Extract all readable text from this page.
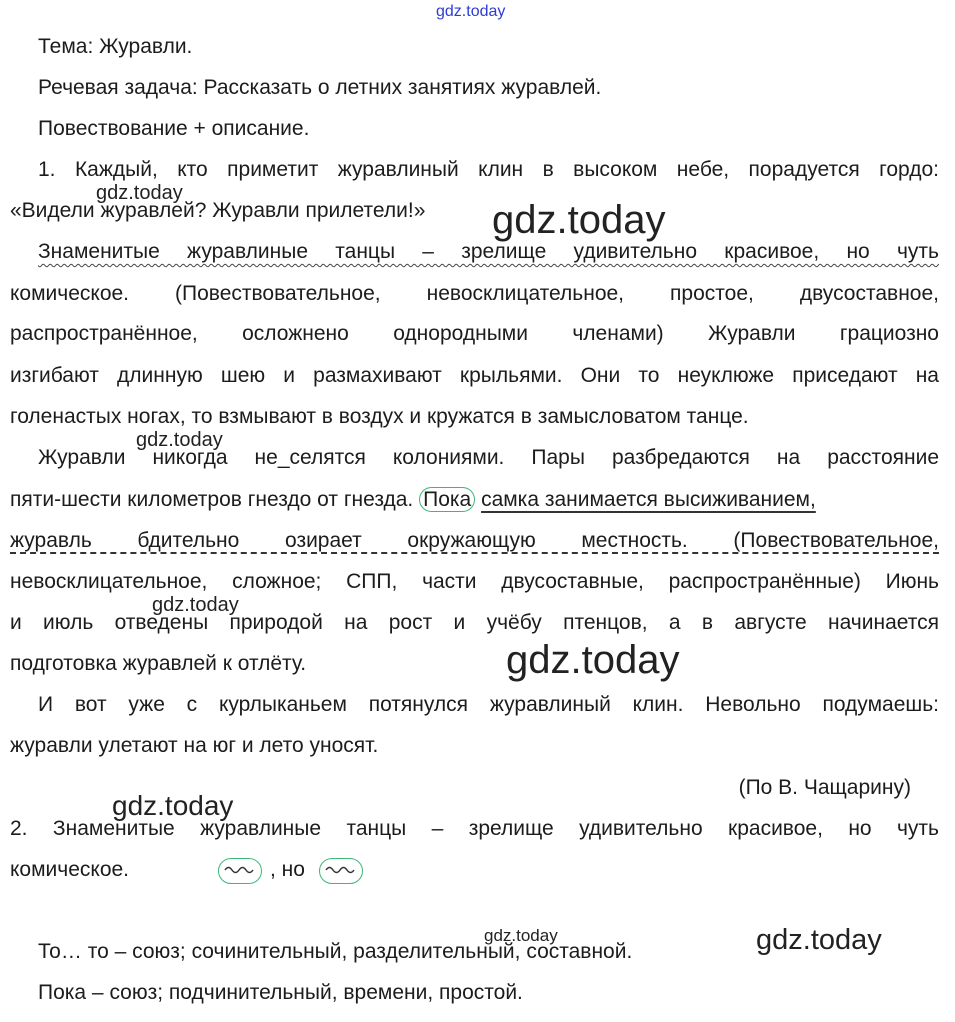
gdz.today
gdz.today
gdz.today
gdz.today
gdz.today
gdz.today
gdz.today
gdz.today	gdz.today
Тема: Журавли.
Речевая задача: Рассказать о летних занятиях журавлей.
Повествование + описание.
1. Каждый, кто приметит журавлиный клин в высоком небе, порадуется гордо:
«Видели журавлей? Журавли прилетели!»
Знаменитые журавлиные танцы – зрелище удивительно красивое, но чуть
комическое. (Повествовательное, невосклицательное, простое, двусоставное,
распространённое, осложнено однородными членами) Журавли грациозно
изгибают длинную шею и размахивают крыльями. Они то неуклюже приседают на
голенастых ногах, то взмывают в воздух и кружатся в замысловатом танце.
Журавли никогда не_селятся колониями. Пары разбредаются на расстояние
пяти-шести километров гнездо от гнезда. Пока самка занимается высиживанием,
журавль бдительно озирает окружающую местность. (Повествовательное,
невосклицательное, сложное; СПП, части двусоставные, распространённые) Июнь
и июль отведены природой на рост и учёбу птенцов, а в августе начинается
подготовка журавлей к отлёту.
И вот уже с курлыканьем потянулся журавлиный клин. Невольно подумаешь:
журавли улетают на юг и лето уносят.
(По В. Чащарину)
2. Знаменитые журавлиные танцы – зрелище удивительно красивое, но чуть
комическое.	, но
То… то – союз; сочинительный, разделительный, составной.
Пока – союз; подчинительный, времени, простой.
